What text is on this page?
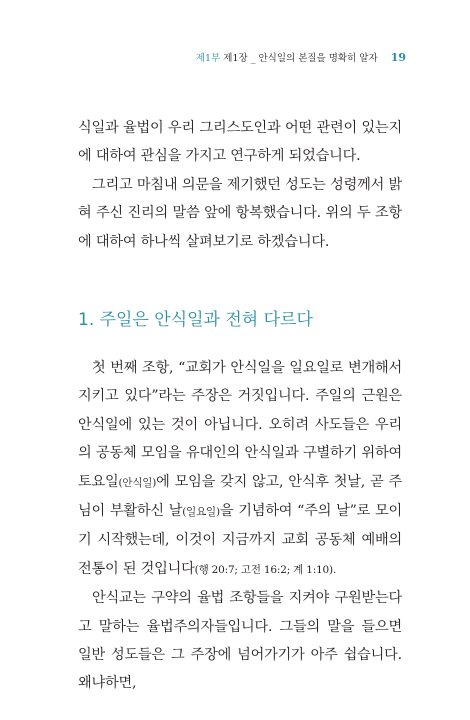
제1부 제1장 _ 안식일의 본질을 명확히 알자 19

식일과 율법이 우리 그리스도인과 어떤 관련이 있는지에 대하여 관심을 가지고 연구하게 되었습니다.

그리고 마침내 의문을 제기했던 성도는 성령께서 밝혀 주신 진리의 말씀 앞에 항복했습니다. 위의 두 조항에 대하여 하나씩 살펴보기로 하겠습니다.

1. 주일은 안식일과 전혀 다르다

첫 번째 조항, “교회가 안식일을 일요일로 변개해서 지키고 있다”라는 주장은 거짓입니다. 주일의 근원은 안식일에 있는 것이 아닙니다. 오히려 사도들은 우리의 공동체 모임을 유대인의 안식일과 구별하기 위하여 토요일(안식일)에 모임을 갖지 않고, 안식후 첫날, 곧 주님이 부활하신 날(일요일)을 기념하여 “주의 날”로 모이기 시작했는데, 이것이 지금까지 교회 공동체 예배의 전통이 된 것입니다(행 20:7; 고전 16:2; 계 1:10).

안식교는 구약의 율법 조항들을 지켜야 구원받는다고 말하는 율법주의자들입니다. 그들의 말을 들으면 일반 성도들은 그 주장에 넘어가기가 아주 쉽습니다. 왜냐하면,
